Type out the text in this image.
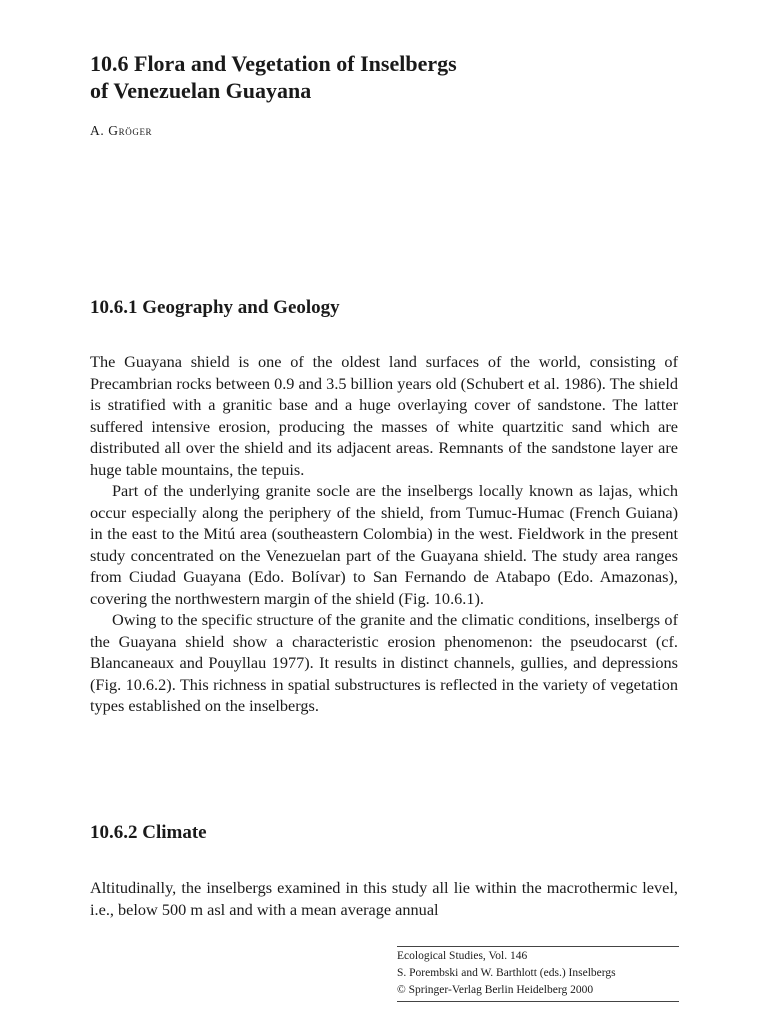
10.6 Flora and Vegetation of Inselbergs
of Venezuelan Guayana
A. Gröger
10.6.1 Geography and Geology

The Guayana shield is one of the oldest land surfaces of the world, consisting of Precambrian rocks between 0.9 and 3.5 billion years old (Schubert et al. 1986). The shield is stratified with a granitic base and a huge overlaying cover of sandstone. The latter suffered intensive erosion, producing the masses of white quartzitic sand which are distributed all over the shield and its adjacent areas. Remnants of the sandstone layer are huge table mountains, the tepuis.

Part of the underlying granite socle are the inselbergs locally known as lajas, which occur especially along the periphery of the shield, from Tumuc-Humac (French Guiana) in the east to the Mitú area (southeastern Colombia) in the west. Fieldwork in the present study concentrated on the Venezuelan part of the Guayana shield. The study area ranges from Ciudad Guayana (Edo. Bolívar) to San Fernando de Atabapo (Edo. Amazonas), covering the northwestern margin of the shield (Fig. 10.6.1).

Owing to the specific structure of the granite and the climatic conditions, inselbergs of the Guayana shield show a characteristic erosion phenomenon: the pseudocarst (cf. Blancaneaux and Pouyllau 1977). It results in distinct channels, gullies, and depressions (Fig. 10.6.2). This richness in spatial substructures is reflected in the variety of vegetation types established on the inselbergs.

10.6.2 Climate

Altitudinally, the inselbergs examined in this study all lie within the macrothermic level, i.e., below 500 m asl and with a mean average annual

Ecological Studies, Vol. 146
S. Porembski and W. Barthlott (eds.) Inselbergs
© Springer-Verlag Berlin Heidelberg 2000
